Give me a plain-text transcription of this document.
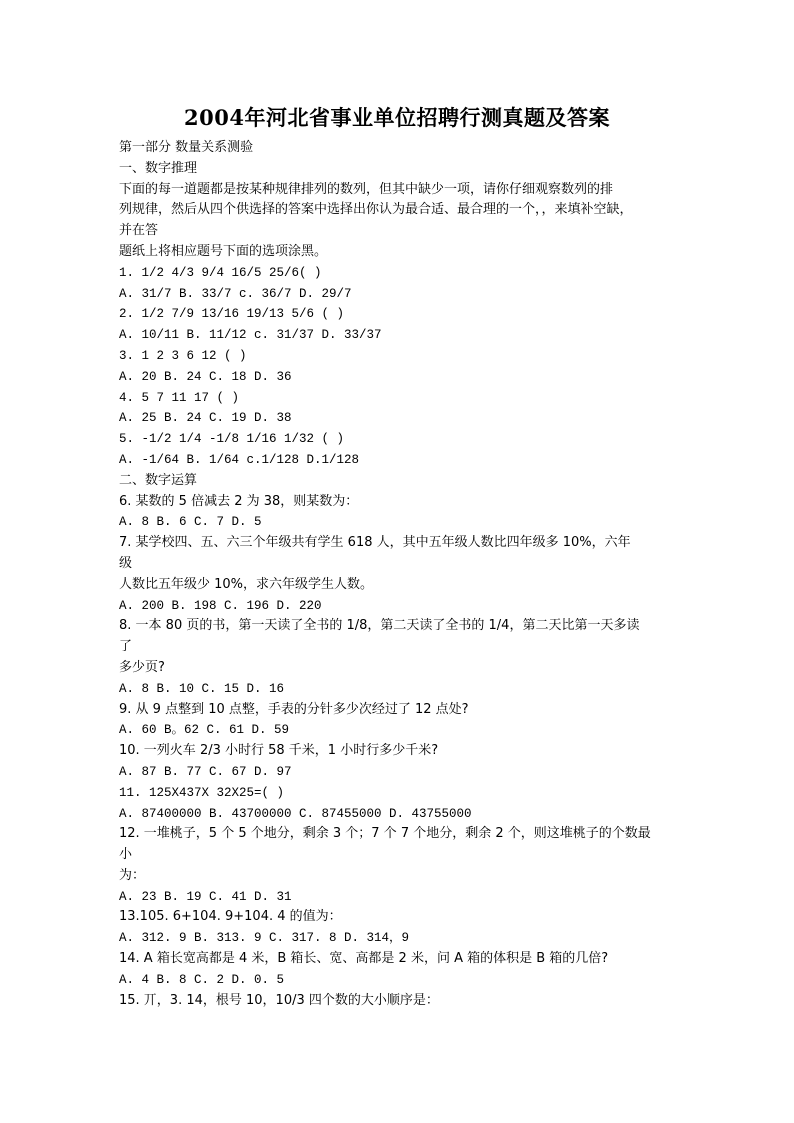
2004年河北省事业单位招聘行测真题及答案
第一部分 数量关系测验
一、数字推理
下面的每一道题都是按某种规律排列的数列，但其中缺少一项，请你仔细观察数列的排
列规律，然后从四个供选择的答案中选择出你认为最合适、最合理的一个，，来填补空缺，
并在答
题纸上将相应题号下面的选项涂黑。
1. 1/2 4/3 9/4 16/5 25/6( )
A. 31/7 B. 33/7 c. 36/7 D. 29/7
2. 1/2 7/9 13/16 19/13 5/6 ( )
A. 10/11 B. 11/12 c. 31/37 D. 33/37
3. 1 2 3 6 12 ( )
A. 20 B. 24 C. 18 D. 36
4. 5 7 11 17 ( )
A. 25 B. 24 C. 19 D. 38
5. -1/2 1/4 -1/8 1/16 1/32 ( )
A. -1/64 B. 1/64 c.1/128 D.1/128
二、数字运算
6. 某数的 5 倍减去 2 为 38，则某数为：
A. 8 B. 6 C. 7 D. 5
7. 某学校四、五、六三个年级共有学生 618 人，其中五年级人数比四年级多 10%，六年
级
人数比五年级少 10%，求六年级学生人数。
A. 200 B. 198 C. 196 D. 220
8. 一本 80 页的书，第一天读了全书的 1/8，第二天读了全书的 1/4，第二天比第一天多读
了
多少页?
A. 8 B. 10 C. 15 D. 16
9. 从 9 点整到 10 点整，手表的分针多少次经过了 12 点处?
A. 60 B。62 C. 61 D. 59
10. 一列火车 2/3 小时行 58 千米，1 小时行多少千米?
A. 87 B. 77 C. 67 D. 97
11. 125X437X 32X25=( )
A. 87400000 B. 43700000 C. 87455000 D. 43755000
12. 一堆桃子，5 个 5 个地分，剩余 3 个；7 个 7 个地分，剩余 2 个，则这堆桃子的个数最
小
为：
A. 23 B. 19 C. 41 D. 31
13.105. 6+104. 9+104. 4 的值为：
A. 312. 9 B. 313. 9 C. 317. 8 D. 314，9
14. A 箱长宽高都是 4 米，B 箱长、宽、高都是 2 米，问 A 箱的体积是 B 箱的几倍?
A. 4 B. 8 C. 2 D. 0. 5
15. 丌，3. 14，根号 10，10/3 四个数的大小顺序是：
